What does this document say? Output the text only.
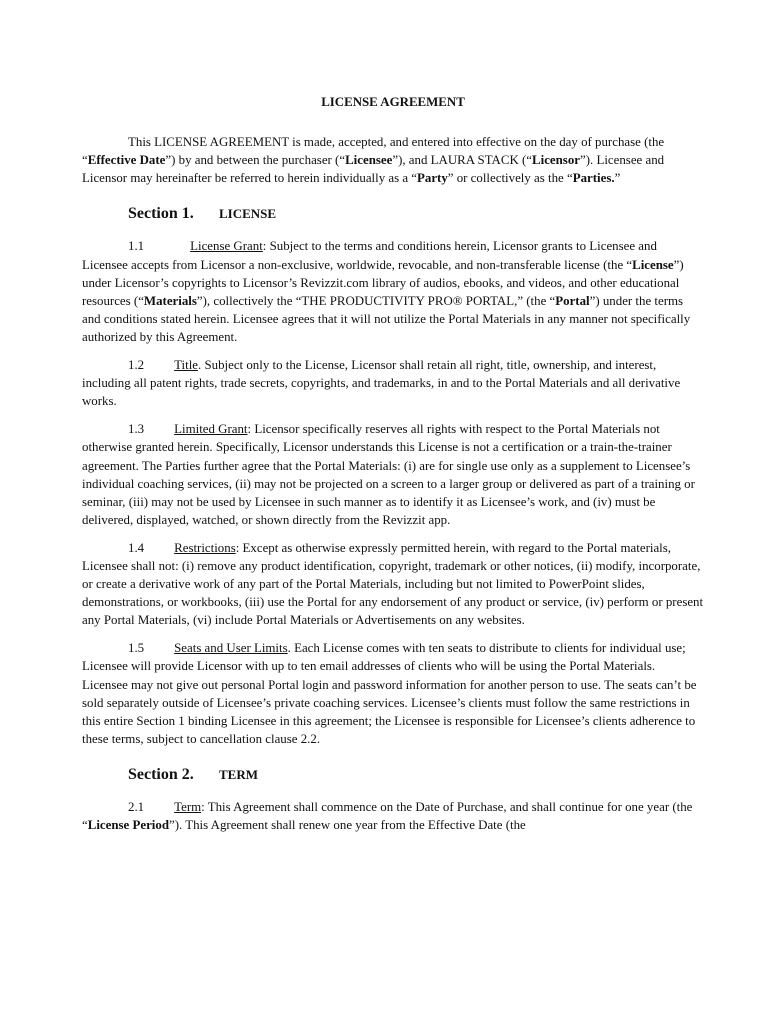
LICENSE AGREEMENT

This LICENSE AGREEMENT is made, accepted, and entered into effective on the day of purchase (the “Effective Date”) by and between the purchaser (“Licensee”), and LAURA STACK (“Licensor”). Licensee and Licensor may hereinafter be referred to herein individually as a “Party” or collectively as the “Parties.”

Section 1. LICENSE

1.1	License Grant: Subject to the terms and conditions herein, Licensor grants to Licensee and Licensee accepts from Licensor a non-exclusive, worldwide, revocable, and non-transferable license (the “License”) under Licensor’s copyrights to Licensor’s Revizzit.com library of audios, ebooks, and videos, and other educational resources (“Materials”), collectively the “THE PRODUCTIVITY PRO® PORTAL,” (the “Portal”) under the terms and conditions stated herein. Licensee agrees that it will not utilize the Portal Materials in any manner not specifically authorized by this Agreement.

1.2 Title. Subject only to the License, Licensor shall retain all right, title, ownership, and interest, including all patent rights, trade secrets, copyrights, and trademarks, in and to the Portal Materials and all derivative works.

1.3 Limited Grant: Licensor specifically reserves all rights with respect to the Portal Materials not otherwise granted herein. Specifically, Licensor understands this License is not a certification or a train-the-trainer agreement. The Parties further agree that the Portal Materials: (i) are for single use only as a supplement to Licensee’s individual coaching services, (ii) may not be projected on a screen to a larger group or delivered as part of a training or seminar, (iii) may not be used by Licensee in such manner as to identify it as Licensee’s work, and (iv) must be delivered, displayed, watched, or shown directly from the Revizzit app.

1.4 Restrictions: Except as otherwise expressly permitted herein, with regard to the Portal materials, Licensee shall not: (i) remove any product identification, copyright, trademark or other notices, (ii) modify, incorporate, or create a derivative work of any part of the Portal Materials, including but not limited to PowerPoint slides, demonstrations, or workbooks, (iii) use the Portal for any endorsement of any product or service, (iv) perform or present any Portal Materials, (vi) include Portal Materials or Advertisements on any websites.

1.5 Seats and User Limits. Each License comes with ten seats to distribute to clients for individual use; Licensee will provide Licensor with up to ten email addresses of clients who will be using the Portal Materials. Licensee may not give out personal Portal login and password information for another person to use. The seats can’t be sold separately outside of Licensee’s private coaching services. Licensee’s clients must follow the same restrictions in this entire Section 1 binding Licensee in this agreement; the Licensee is responsible for Licensee’s clients adherence to these terms, subject to cancellation clause 2.2.

Section 2. TERM

2.1 Term: This Agreement shall commence on the Date of Purchase, and shall continue for one year (the “License Period”). This Agreement shall renew one year from the Effective Date (the
